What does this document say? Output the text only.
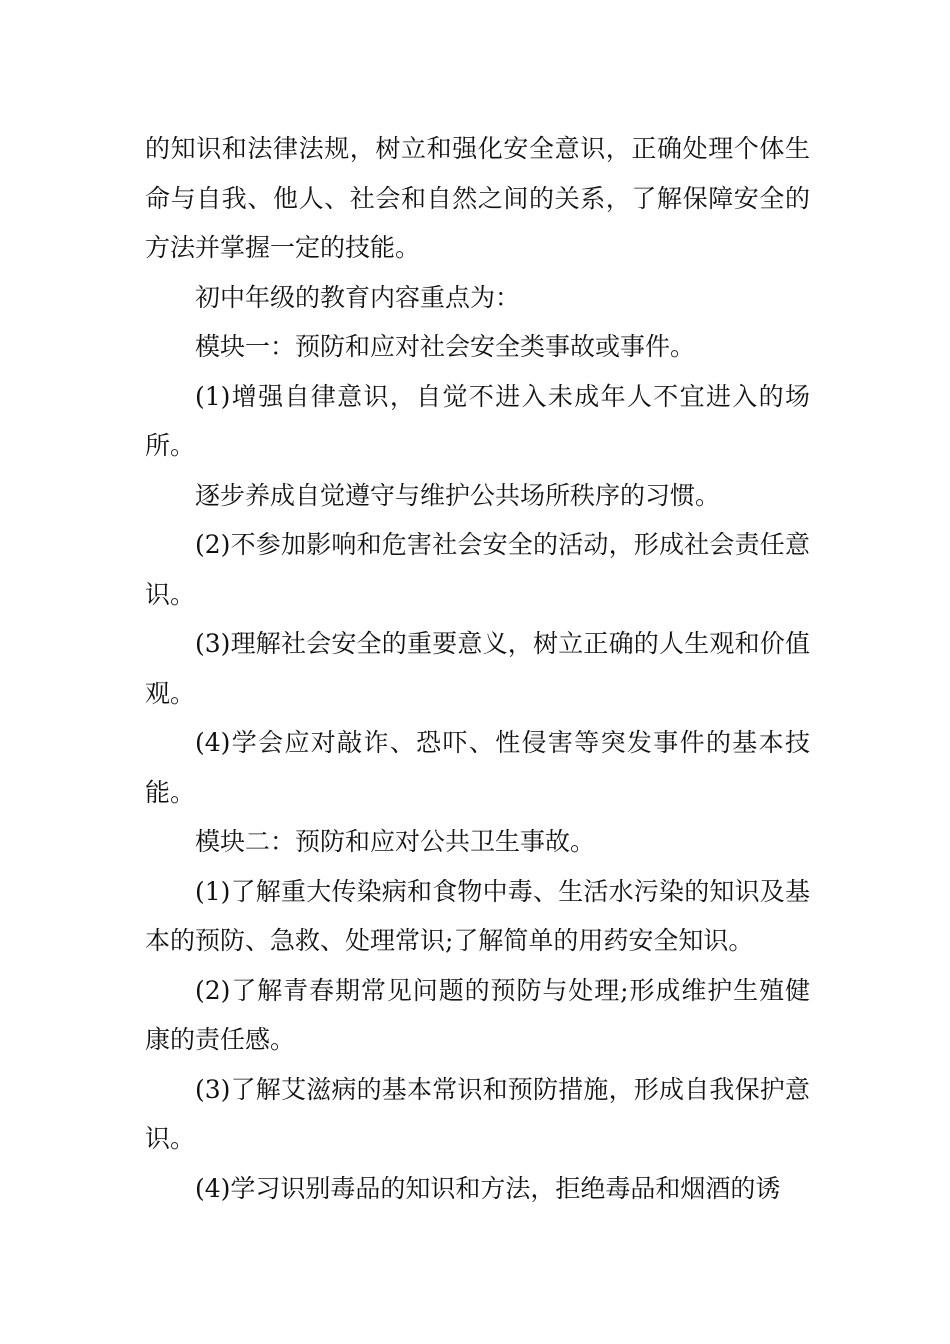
的知识和法律法规，树立和强化安全意识，正确处理个体生命与自我、他人、社会和自然之间的关系，了解保障安全的方法并掌握一定的技能。

初中年级的教育内容重点为：

模块一：预防和应对社会安全类事故或事件。

(1)增强自律意识，自觉不进入未成年人不宜进入的场所。

逐步养成自觉遵守与维护公共场所秩序的习惯。

(2)不参加影响和危害社会安全的活动，形成社会责任意识。

(3)理解社会安全的重要意义，树立正确的人生观和价值观。

(4)学会应对敲诈、恐吓、性侵害等突发事件的基本技能。

模块二：预防和应对公共卫生事故。

(1)了解重大传染病和食物中毒、生活水污染的知识及基本的预防、急救、处理常识;了解简单的用药安全知识。

(2)了解青春期常见问题的预防与处理;形成维护生殖健康的责任感。

(3)了解艾滋病的基本常识和预防措施，形成自我保护意识。

(4)学习识别毒品的知识和方法，拒绝毒品和烟酒的诱
